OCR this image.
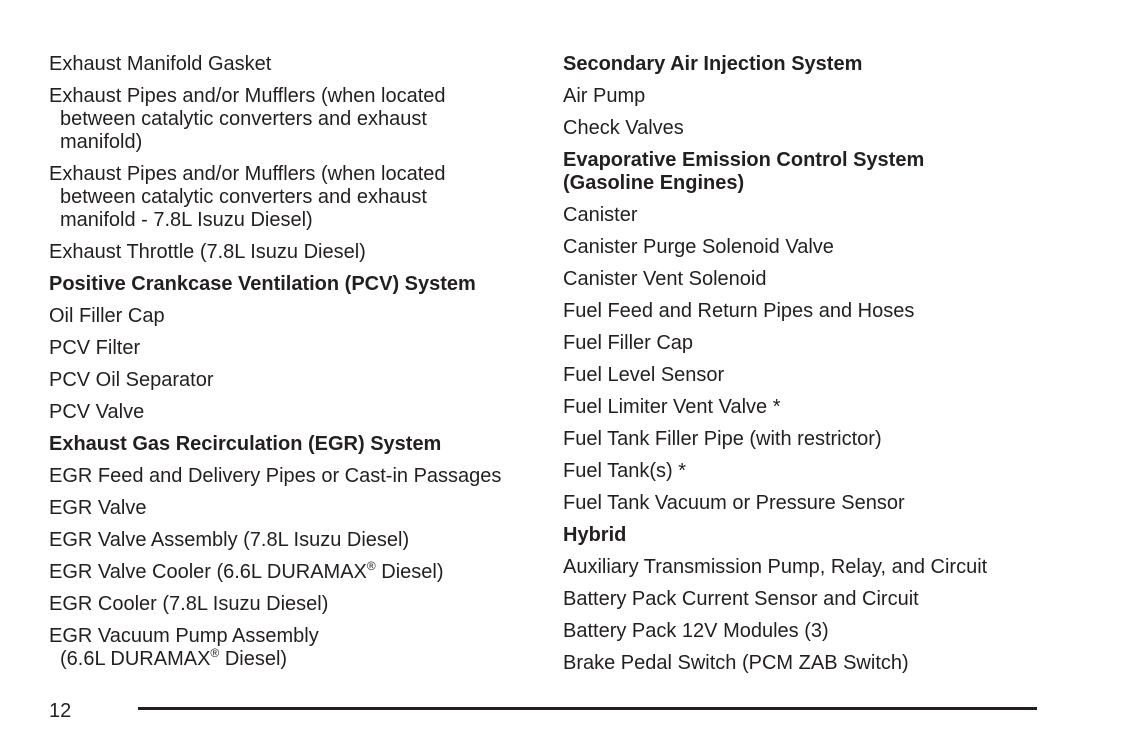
Exhaust Manifold Gasket
Exhaust Pipes and/or Mufflers (when located
between catalytic converters and exhaust
manifold)
Exhaust Pipes and/or Mufflers (when located
between catalytic converters and exhaust
manifold - 7.8L Isuzu Diesel)
Exhaust Throttle (7.8L Isuzu Diesel)
Positive Crankcase Ventilation (PCV) System
Oil Filler Cap
PCV Filter
PCV Oil Separator
PCV Valve
Exhaust Gas Recirculation (EGR) System
EGR Feed and Delivery Pipes or Cast-in Passages
EGR Valve
EGR Valve Assembly (7.8L Isuzu Diesel)
EGR Valve Cooler (6.6L DURAMAX® Diesel)
EGR Cooler (7.8L Isuzu Diesel)
EGR Vacuum Pump Assembly
(6.6L DURAMAX® Diesel)
Secondary Air Injection System
Air Pump
Check Valves
Evaporative Emission Control System
(Gasoline Engines)
Canister
Canister Purge Solenoid Valve
Canister Vent Solenoid
Fuel Feed and Return Pipes and Hoses
Fuel Filler Cap
Fuel Level Sensor
Fuel Limiter Vent Valve *
Fuel Tank Filler Pipe (with restrictor)
Fuel Tank(s) *
Fuel Tank Vacuum or Pressure Sensor
Hybrid
Auxiliary Transmission Pump, Relay, and Circuit
Battery Pack Current Sensor and Circuit
Battery Pack 12V Modules (3)
Brake Pedal Switch (PCM ZAB Switch)
12
